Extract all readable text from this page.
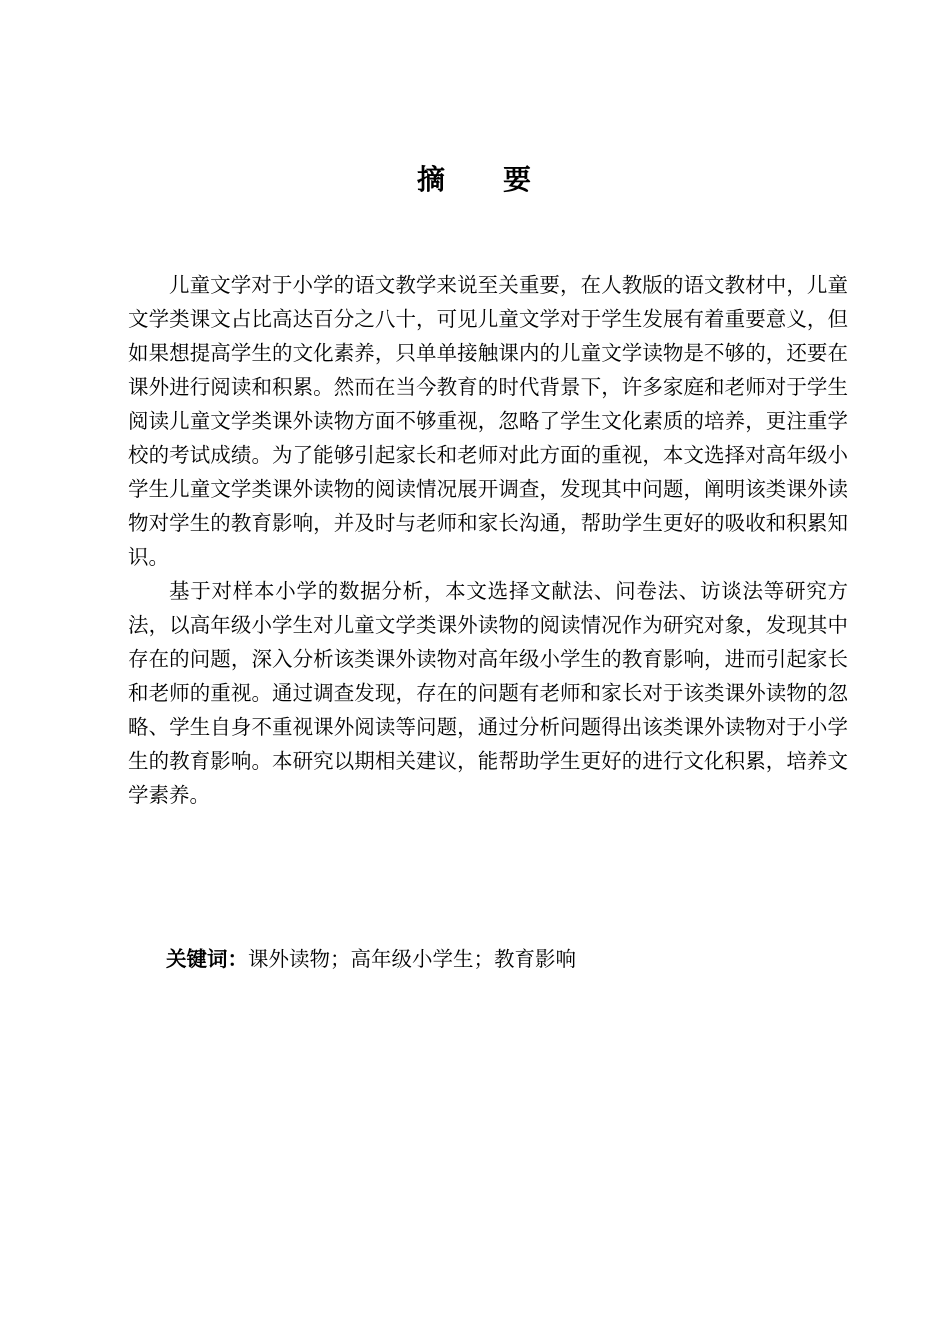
摘 要

儿童文学对于小学的语文教学来说至关重要，在人教版的语文教材中，儿童文学类课文占比高达百分之八十，可见儿童文学对于学生发展有着重要意义，但如果想提高学生的文化素养，只单单接触课内的儿童文学读物是不够的，还要在课外进行阅读和积累。然而在当今教育的时代背景下，许多家庭和老师对于学生阅读儿童文学类课外读物方面不够重视，忽略了学生文化素质的培养，更注重学校的考试成绩。为了能够引起家长和老师对此方面的重视，本文选择对高年级小学生儿童文学类课外读物的阅读情况展开调查，发现其中问题，阐明该类课外读物对学生的教育影响，并及时与老师和家长沟通，帮助学生更好的吸收和积累知识。

基于对样本小学的数据分析，本文选择文献法、问卷法、访谈法等研究方法，以高年级小学生对儿童文学类课外读物的阅读情况作为研究对象，发现其中存在的问题，深入分析该类课外读物对高年级小学生的教育影响，进而引起家长和老师的重视。通过调查发现，存在的问题有老师和家长对于该类课外读物的忽略、学生自身不重视课外阅读等问题，通过分析问题得出该类课外读物对于小学生的教育影响。本研究以期相关建议，能帮助学生更好的进行文化积累，培养文学素养。

关键词：课外读物；高年级小学生；教育影响
